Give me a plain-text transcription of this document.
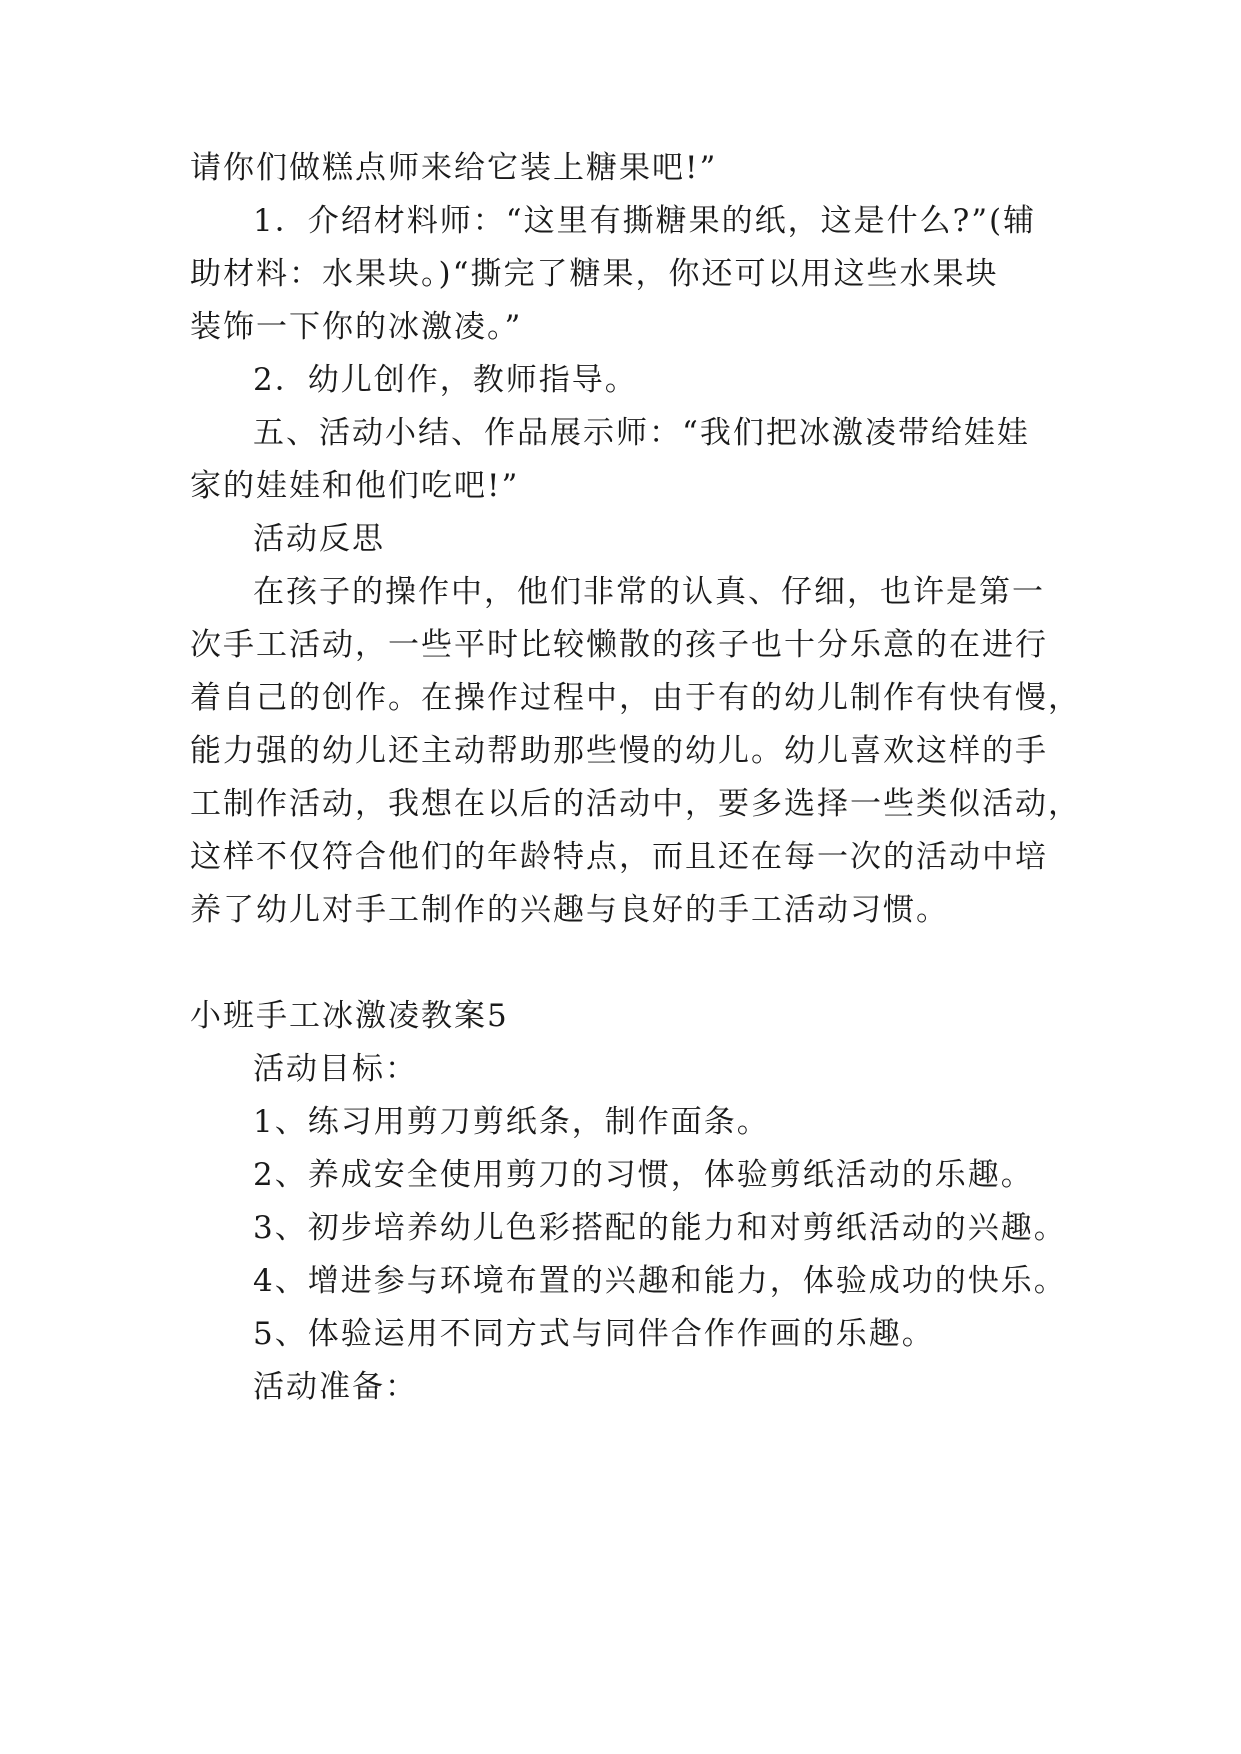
请你们做糕点师来给它装上糖果吧!”
1．介绍材料师：“这里有撕糖果的纸，这是什么?”(辅
助材料：水果块。)“撕完了糖果，你还可以用这些水果块
装饰一下你的冰激凌。”
2．幼儿创作，教师指导。
五、活动小结、作品展示师：“我们把冰激凌带给娃娃
家的娃娃和他们吃吧!”
活动反思
在孩子的操作中，他们非常的认真、仔细，也许是第一
次手工活动，一些平时比较懒散的孩子也十分乐意的在进行
着自己的创作。在操作过程中，由于有的幼儿制作有快有慢，
能力强的幼儿还主动帮助那些慢的幼儿。幼儿喜欢这样的手
工制作活动，我想在以后的活动中，要多选择一些类似活动，
这样不仅符合他们的年龄特点，而且还在每一次的活动中培
养了幼儿对手工制作的兴趣与良好的手工活动习惯。
小班手工冰激凌教案5
活动目标：
1、练习用剪刀剪纸条，制作面条。
2、养成安全使用剪刀的习惯，体验剪纸活动的乐趣。
3、初步培养幼儿色彩搭配的能力和对剪纸活动的兴趣。
4、增进参与环境布置的兴趣和能力，体验成功的快乐。
5、体验运用不同方式与同伴合作作画的乐趣。
活动准备：
